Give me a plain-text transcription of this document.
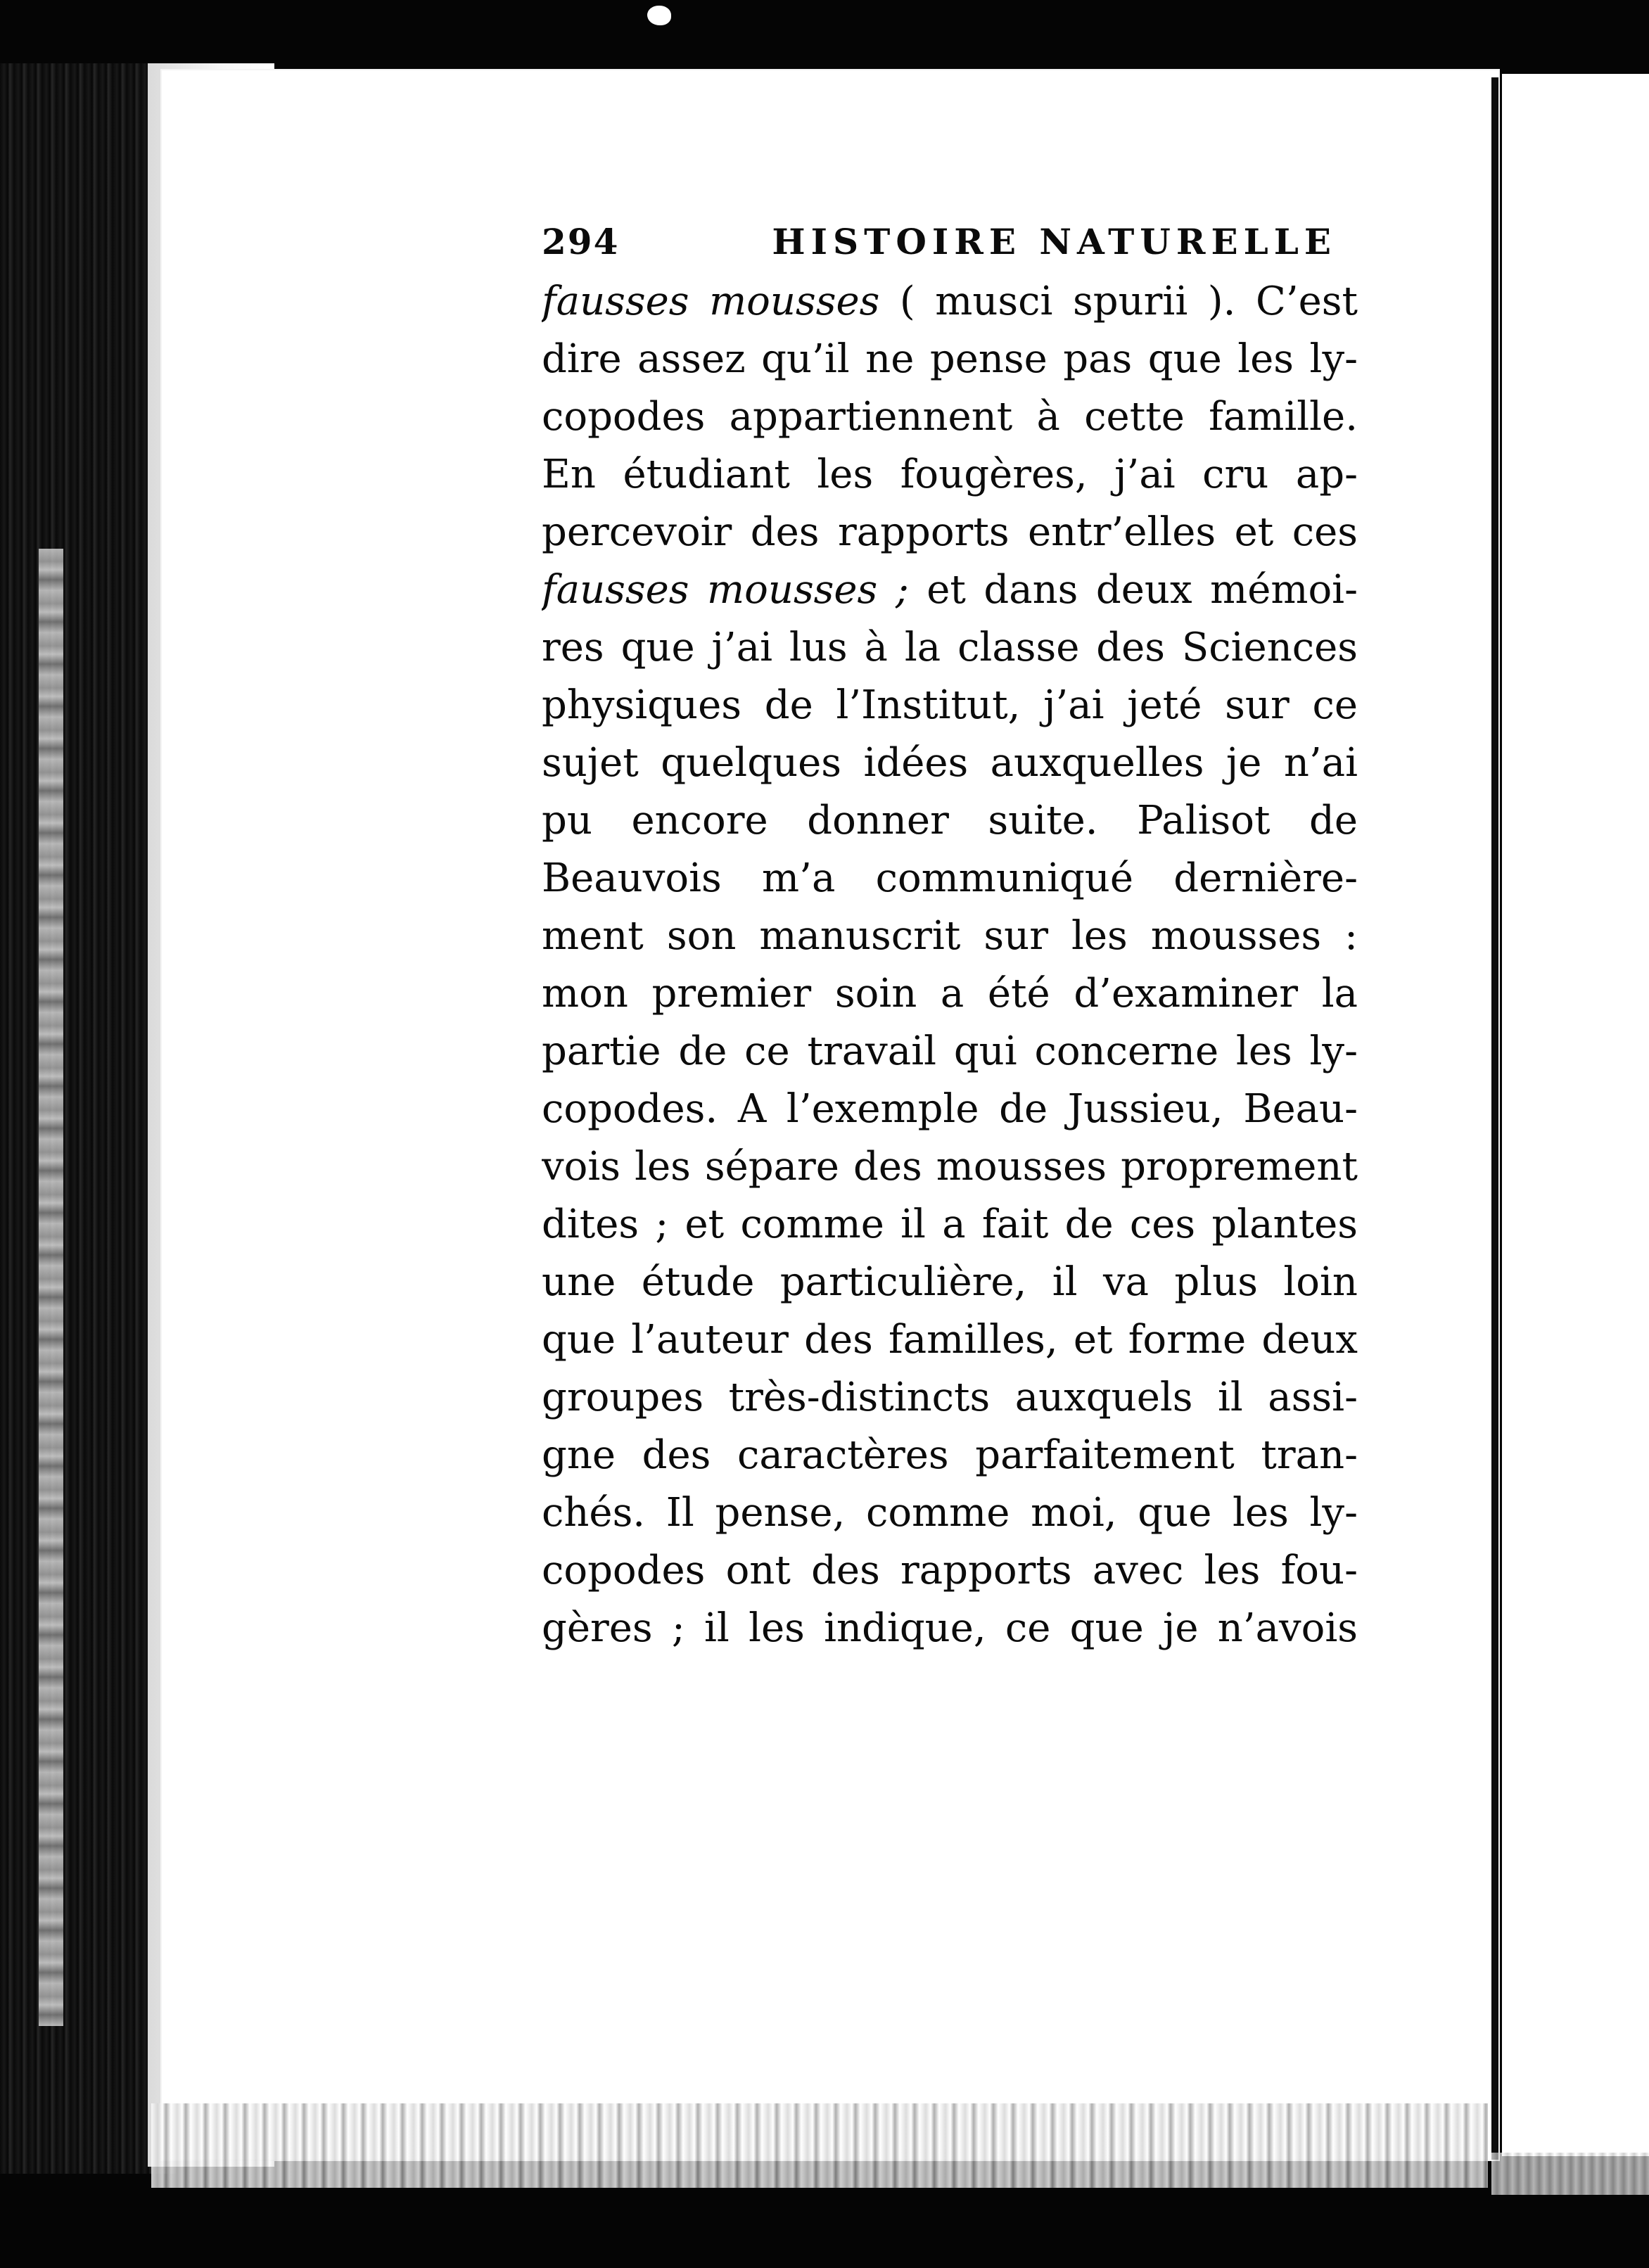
294	HISTOIRE NATURELLE
fausses mousses ( musci spurii ). C’est
dire assez qu’il ne pense pas que les ly-
copodes appartiennent à cette famille.
En étudiant les fougères, j’ai cru ap-
percevoir des rapports entr’elles et ces
fausses mousses ; et dans deux mémoi-
res que j’ai lus à la classe des Sciences
physiques de l’Institut, j’ai jeté sur ce
sujet quelques idées auxquelles je n’ai
pu encore donner suite. Palisot de
Beauvois m’a communiqué dernière-
ment son manuscrit sur les mousses :
mon premier soin a été d’examiner la
partie de ce travail qui concerne les ly-
copodes. A l’exemple de Jussieu, Beau-
vois les sépare des mousses proprement
dites ; et comme il a fait de ces plantes
une étude particulière, il va plus loin
que l’auteur des familles, et forme deux
groupes très-distincts auxquels il assi-
gne des caractères parfaitement tran-
chés. Il pense, comme moi, que les ly-
copodes ont des rapports avec les fou-
gères ; il les indique, ce que je n’avois
